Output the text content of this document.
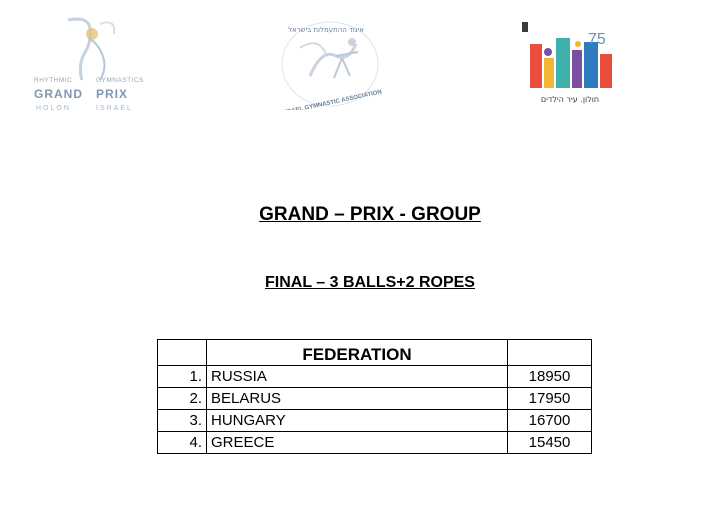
RHYTHMIC	GYMNASTICS
GRAND PRIX
HOLON	ISRAEL
איגוד ההתעמלות בישראל
ISRAEL GYMNASTIC ASSOCIATION
75
חולון. עיר הילדים
GRAND – PRIX - GROUP
FINAL – 3 BALLS+2 ROPES
	FEDERATION	
1.	RUSSIA	18950
2.	BELARUS	17950
3.	HUNGARY	16700
4.	GREECE	15450
